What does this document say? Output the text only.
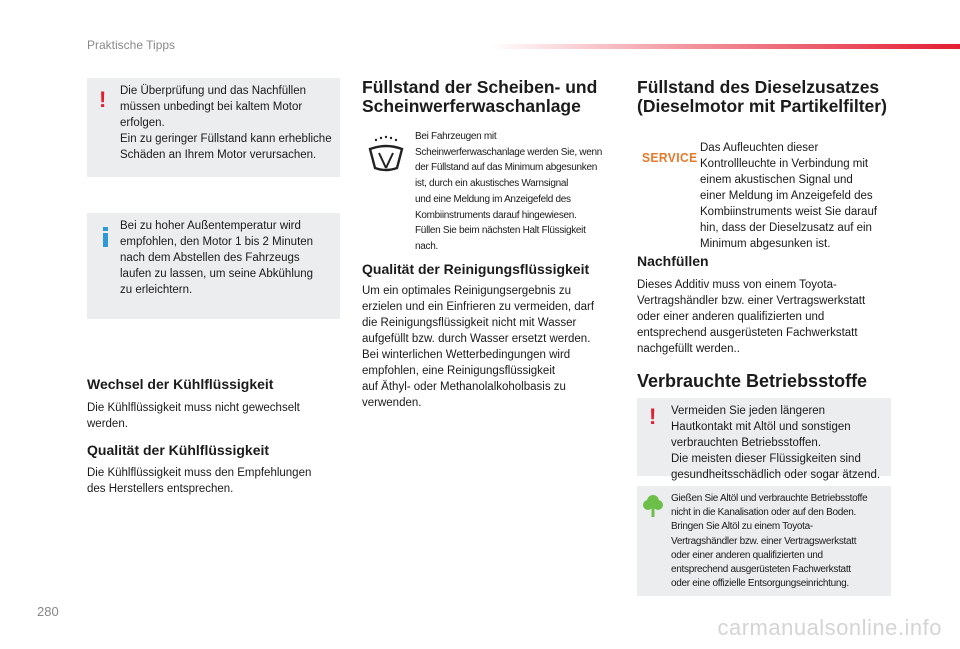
Praktische Tipps
! Die Überprüfung und das Nachfüllen
müssen unbedingt bei kaltem Motor
erfolgen.
Ein zu geringer Füllstand kann erhebliche
Schäden an Ihrem Motor verursachen.
Bei zu hoher Außentemperatur wird
empfohlen, den Motor 1 bis 2 Minuten
nach dem Abstellen des Fahrzeugs
laufen zu lassen, um seine Abkühlung
zu erleichtern.
Wechsel der Kühlflüssigkeit
Die Kühlflüssigkeit muss nicht gewechselt
werden.
Qualität der Kühlflüssigkeit
Die Kühlflüssigkeit muss den Empfehlungen
des Herstellers entsprechen.
Füllstand der Scheiben- und
Scheinwerferwaschanlage
Bei Fahrzeugen mit
Scheinwerferwaschanlage werden Sie, wenn
der Füllstand auf das Minimum abgesunken
ist, durch ein akustisches Warnsignal
und eine Meldung im Anzeigefeld des
Kombiinstruments darauf hingewiesen.
Füllen Sie beim nächsten Halt Flüssigkeit
nach.
Qualität der Reinigungsflüssigkeit
Um ein optimales Reinigungsergebnis zu
erzielen und ein Einfrieren zu vermeiden, darf
die Reinigungsflüssigkeit nicht mit Wasser
aufgefüllt bzw. durch Wasser ersetzt werden.
Bei winterlichen Wetterbedingungen wird
empfohlen, eine Reinigungsflüssigkeit
auf Äthyl- oder Methanolalkoholbasis zu
verwenden.
Füllstand des Dieselzusatzes
(Dieselmotor mit Partikelfilter)
SERVICE
Das Aufleuchten dieser
Kontrollleuchte in Verbindung mit
einem akustischen Signal und
einer Meldung im Anzeigefeld des
Kombiinstruments weist Sie darauf
hin, dass der Dieselzusatz auf ein
Minimum abgesunken ist.
Nachfüllen
Dieses Additiv muss von einem Toyota-
Vertragshändler bzw. einer Vertragswerkstatt
oder einer anderen qualifizierten und
entsprechend ausgerüsteten Fachwerkstatt
nachgefüllt werden..
Verbrauchte Betriebsstoffe
! Vermeiden Sie jeden längeren
Hautkontakt mit Altöl und sonstigen
verbrauchten Betriebsstoffen.
Die meisten dieser Flüssigkeiten sind
gesundheitsschädlich oder sogar ätzend.
Gießen Sie Altöl und verbrauchte Betriebsstoffe
nicht in die Kanalisation oder auf den Boden.
Bringen Sie Altöl zu einem Toyota-
Vertragshändler bzw. einer Vertragswerkstatt
oder einer anderen qualifizierten und
entsprechend ausgerüsteten Fachwerkstatt
oder eine offizielle Entsorgungseinrichtung.
280
carmanualsonline.info
